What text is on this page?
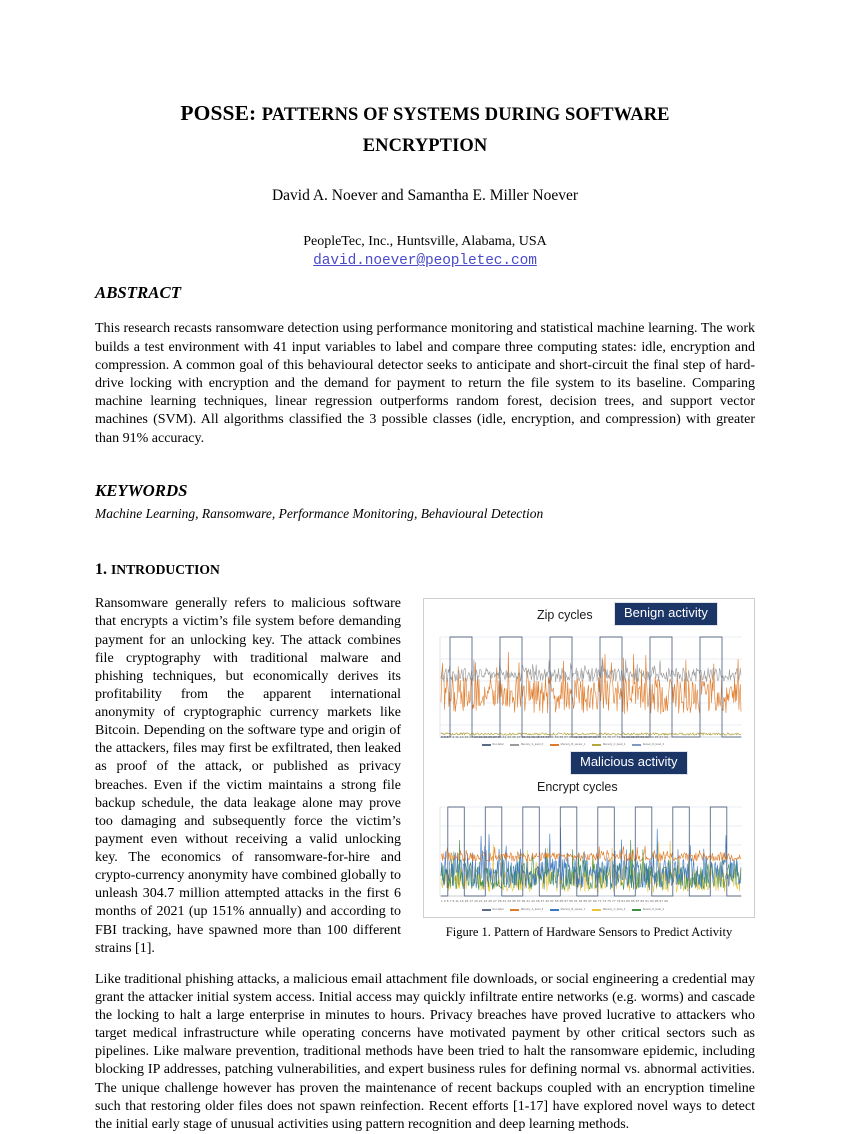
POSSE: PATTERNS OF SYSTEMS DURING SOFTWARE
ENCRYPTION
David A. Noever and Samantha E. Miller Noever
PeopleTec, Inc., Huntsville, Alabama, USA
david.noever@peopletec.com
ABSTRACT
This research recasts ransomware detection using performance monitoring and statistical machine learning. The work builds a test environment with 41 input variables to label and compare three computing states: idle, encryption and compression. A common goal of this behavioural detector seeks to anticipate and short-circuit the final step of hard-drive locking with encryption and the demand for payment to return the file system to its baseline. Comparing machine learning techniques, linear regression outperforms random forest, decision trees, and support vector machines (SVM). All algorithms classified the 3 possible classes (idle, encryption, and compression) with greater than 91% accuracy.
KEYWORDS
Machine Learning, Ransomware, Performance Monitoring, Behavioural Detection
1. INTRODUCTION
Zip cycles	Benign activity
1 3 5 7 9 11 13 15 17 19 21 23 25 27 29 31 33 35 37 39 41 43 45 47 49 51 53 55 57 59 61 63 65 67 69 71 73 75 77 79 81 83 85 87 89 91 93 95 97 99
Run label	Memory_A_level_0	Memory_B_sensor_1	Memory_C_level_2	Sensor_D_level_3
Malicious activity
Encrypt cycles
1 3 5 7 9 11 13 15 17 19 21 23 25 27 29 31 33 35 37 39 41 43 45 47 49 51 53 55 57 59 61 63 65 67 69 71 73 75 77 79 81 83 85 87 89 91 93 95 97 99
Run label	Memory_A_level_0	Memory_B_sensor_1	Memory_C_level_2	Sensor_D_level_3
Figure 1. Pattern of Hardware Sensors to Predict Activity

Ransomware generally refers to malicious software that encrypts a victim’s file system before demanding payment for an unlocking key. The attack combines file cryptography with traditional malware and phishing techniques, but economically derives its profitability from the apparent international anonymity of cryptographic currency markets like Bitcoin. Depending on the software type and origin of the attackers, files may first be exfiltrated, then leaked as proof of the attack, or published as privacy breaches. Even if the victim maintains a strong file backup schedule, the data leakage alone may prove too damaging and subsequently force the victim’s payment even without receiving a valid unlocking key. The economics of ransomware-for-hire and crypto-currency anonymity have combined globally to unleash 304.7 million attempted attacks in the first 6 months of 2021 (up 151% annually) and according to FBI tracking, have spawned more than 100 different strains [1].

Like traditional phishing attacks, a malicious email attachment file downloads, or social engineering a credential may grant the attacker initial system access. Initial access may quickly infiltrate entire networks (e.g. worms) and cascade the locking to halt a large enterprise in minutes to hours. Privacy breaches have proved lucrative to attackers who target medical infrastructure while operating concerns have motivated payment by other critical sectors such as pipelines. Like malware prevention, traditional methods have been tried to halt the ransomware epidemic, including blocking IP addresses, patching vulnerabilities, and expert business rules for defining normal vs. abnormal activities. The unique challenge however has proven the maintenance of recent backups coupled with an encryption timeline such that restoring older files does not spawn reinfection. Recent efforts [1-17] have explored novel ways to detect the initial early stage of unusual activities using pattern recognition and deep learning methods.
